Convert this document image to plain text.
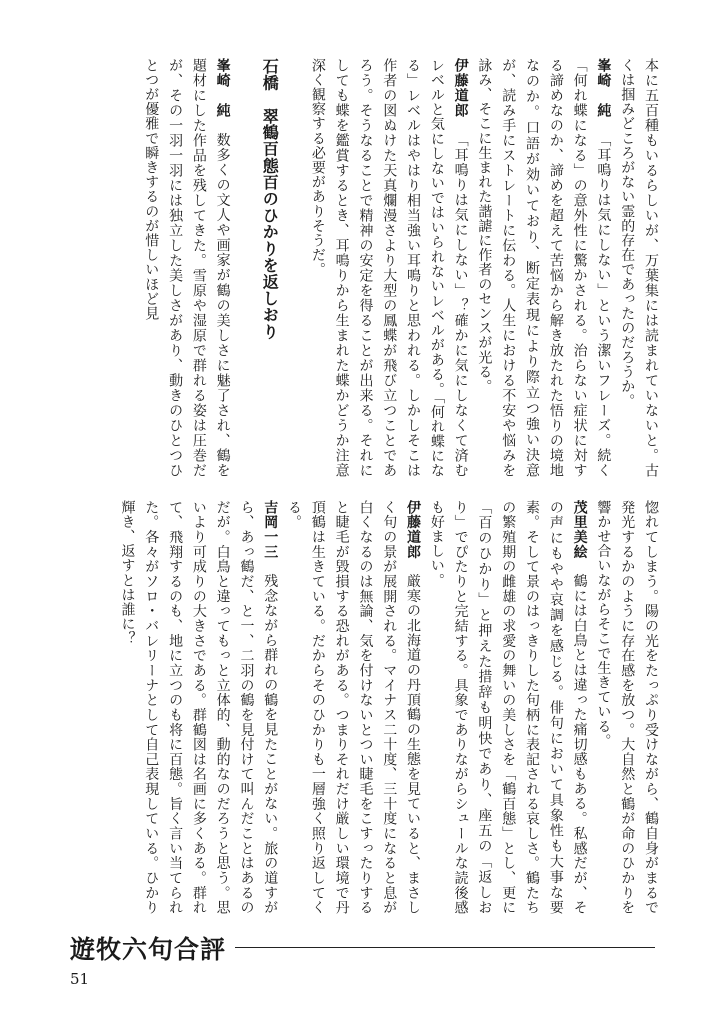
本に五百種もいるらしいが、万葉集には読まれていないと。古くは掴みどころがない霊的存在であったのだろうか。
峯崎　純「耳鳴りは気にしない」という潔いフレーズ。続く「何れ蝶になる」の意外性に驚かされる。治らない症状に対する諦めなのか、諦めを超えて苦悩から解き放たれた悟りの境地なのか。口語が効いており、断定表現により際立つ強い決意が、読み手にストレートに伝わる。人生における不安や悩みを詠み、そこに生まれた諧謔に作者のセンスが光る。
伊藤道郎「耳鳴りは気にしない」？確かに気にしなくて済むレベルと気にしないではいられないレベルがある。「何れ蝶になる」レベルはやはり相当強い耳鳴りと思われる。しかしそこは作者の図ぬけた天真爛漫さより大型の鳳蝶が飛び立つことであろう。そうなることで精神の安定を得ることが出来る。それにしても蝶を鑑賞するとき、耳鳴りから生まれた蝶かどうか注意深く観察する必要がありそうだ。
鶴百態百のひかりを返しおり
石橋　翠
峯崎　純数多くの文人や画家が鶴の美しさに魅了され、鶴を題材にした作品を残してきた。雪原や湿原で群れる姿は圧巻だが、その一羽一羽には独立した美しさがあり、動きのひとつひとつが優雅で瞬きするのが惜しいほど見
惚れてしまう。陽の光をたっぷり受けながら、鶴自身がまるで発光するかのように存在感を放つ。大自然と鶴が命のひかりを響かせ合いながらそこで生きている。
茂里美絵鶴には白鳥とは違った痛切感もある。私感だが、その声にもやや哀調を感じる。俳句において具象性も大事な要素。そして景のはっきりした句柄に表記される哀しさ。鶴たちの繁殖期の雌雄の求愛の舞いの美しさを「鶴百態」とし、更に「百のひかり」と押えた措辞も明快であり、座五の「返しおり」でぴたりと完結する。具象でありながらシュールな読後感も好ましい。
伊藤道郎厳寒の北海道の丹頂鶴の生態を見ていると、まさしく句の景が展開される。マイナス二十度、三十度になると息が白くなるのは無論、気を付けないとつい睫毛をこすったりすると睫毛が毀損する恐れがある。つまりそれだけ厳しい環境で丹頂鶴は生きている。だからそのひかりも一層強く照り返してくる。
吉岡一三残念ながら群れの鶴を見たことがない。旅の道すがら、あっ鶴だ、と一、二羽の鶴を見付けて叫んだことはあるのだが。白鳥と違ってもっと立体的、動的なのだろうと思う。思いより可成りの大きさである。群鶴図は名画に多くある。群れて、飛翔するのも、地に立つのも将に百態。旨く言い当てられた。各々がソロ・バレリーナとして自己表現している。ひかり輝き、返すとは誰に？
遊牧六句合評
51
